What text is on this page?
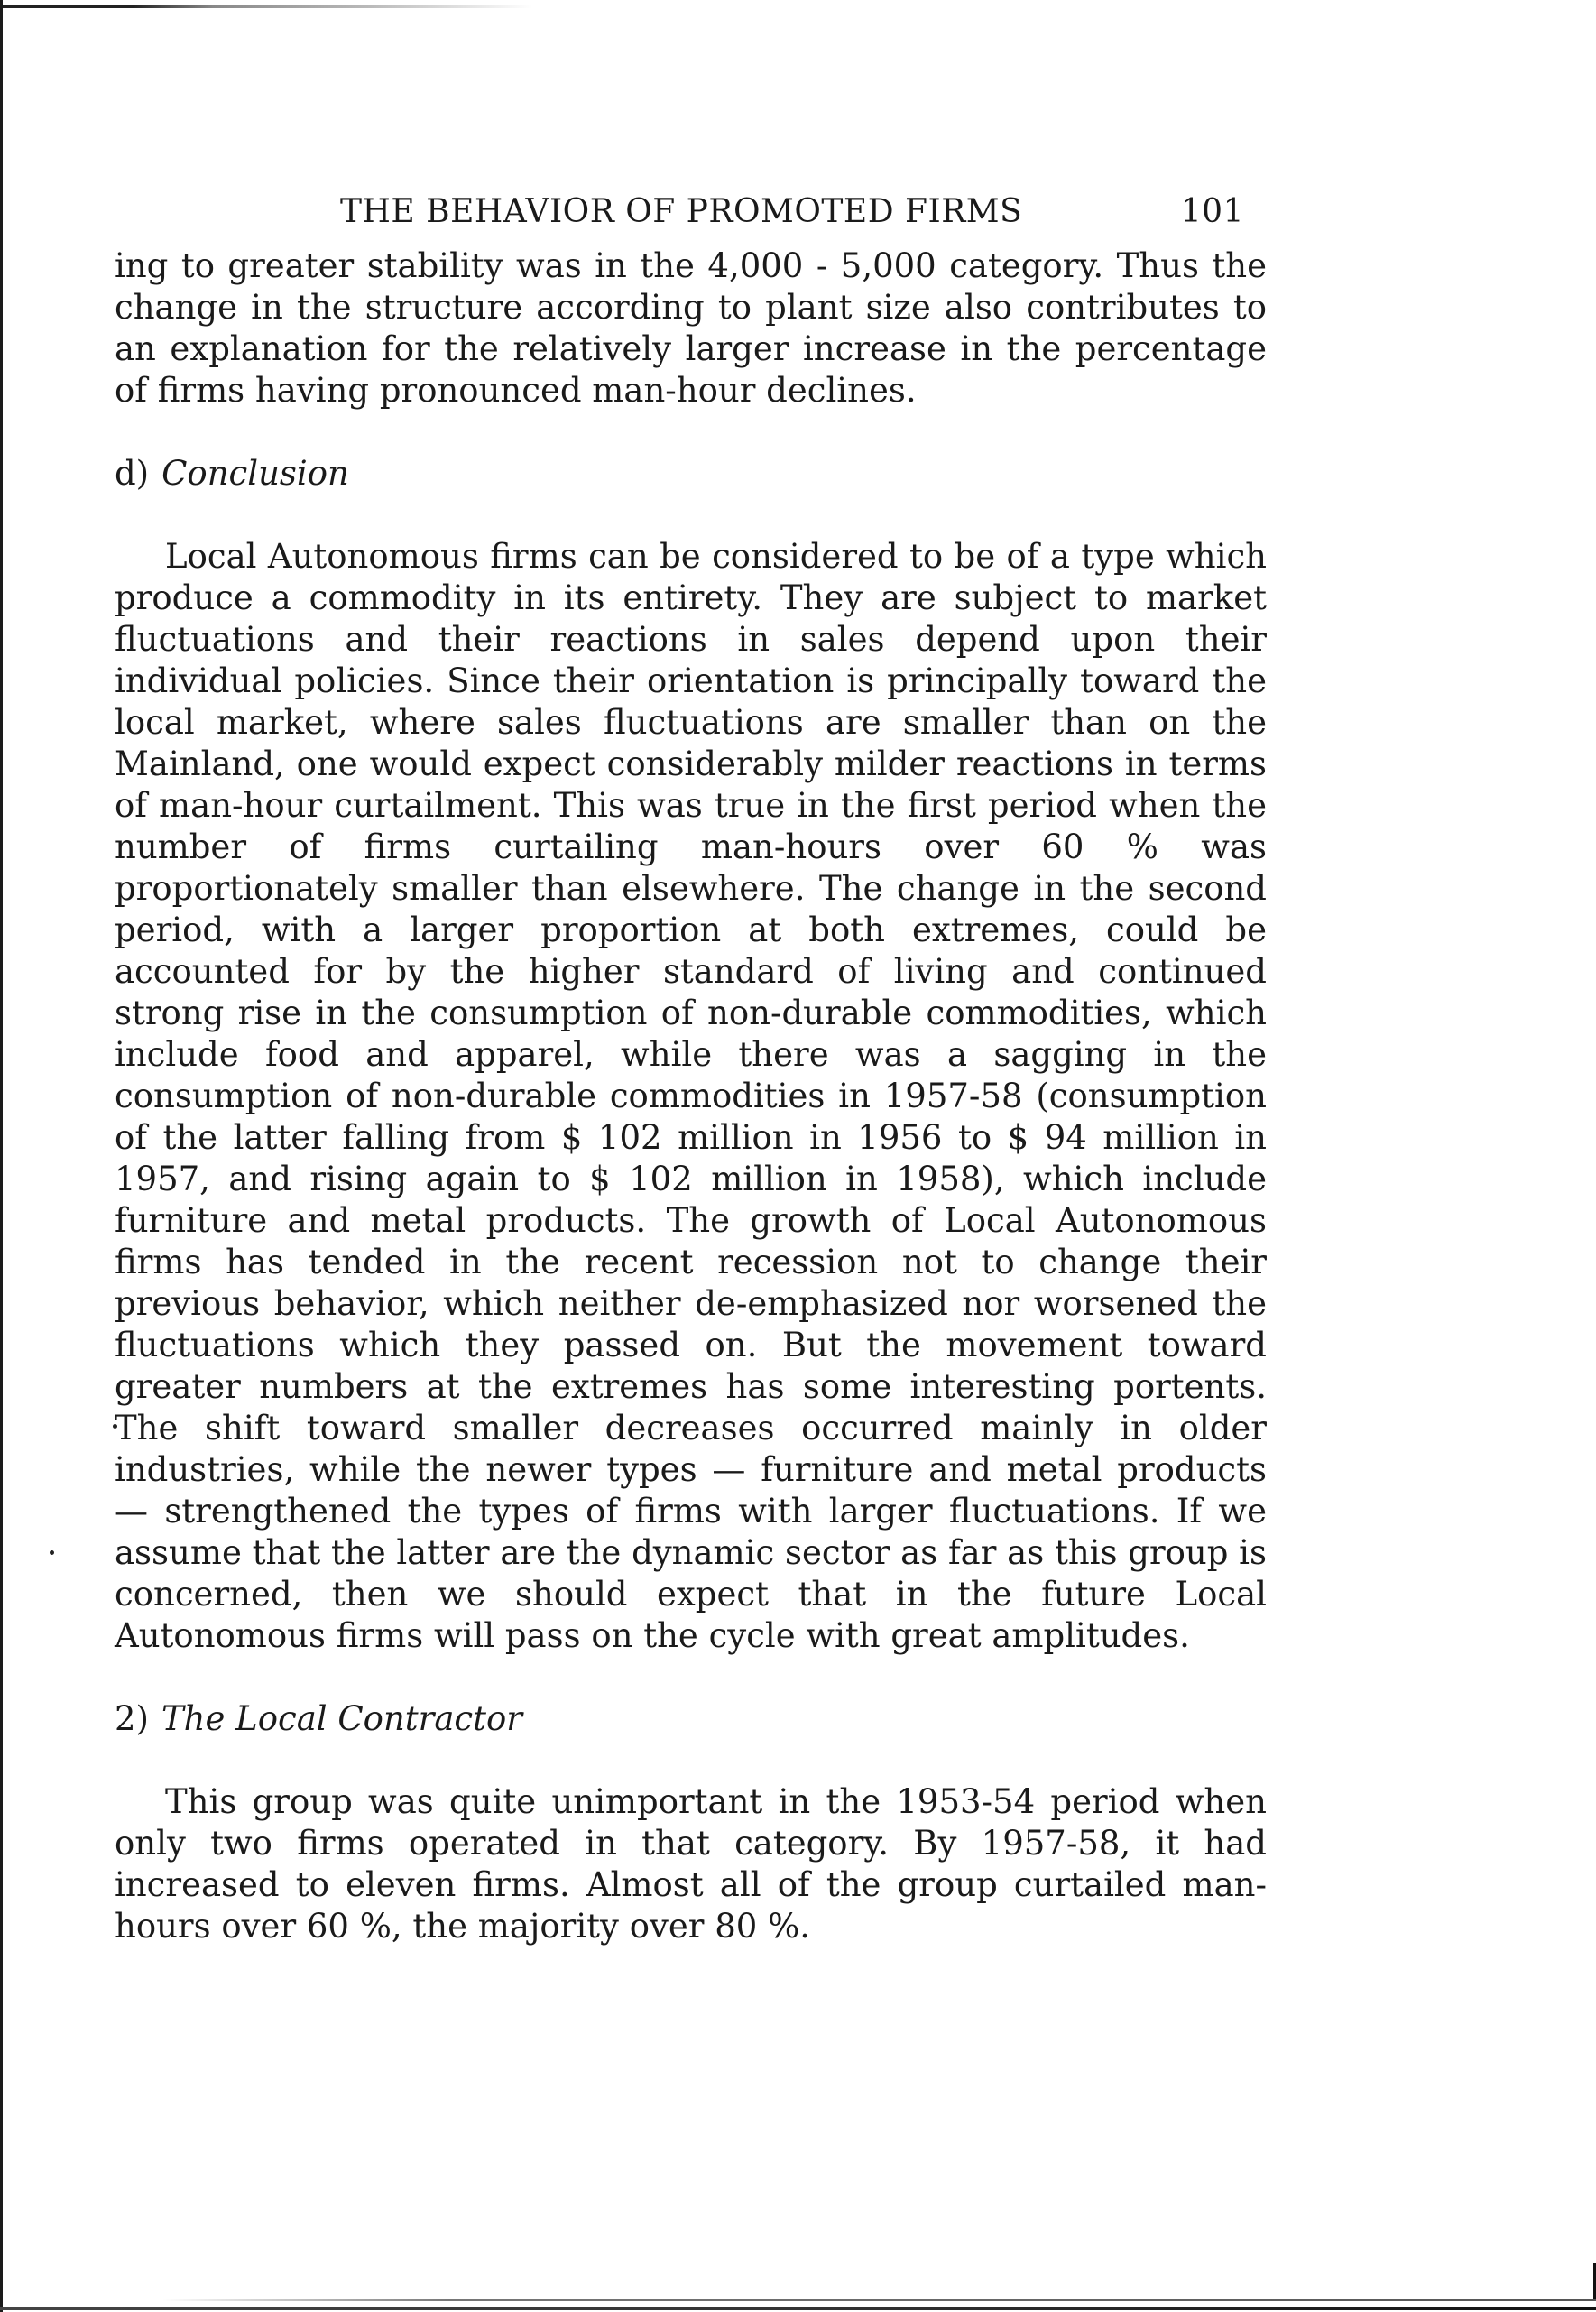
THE BEHAVIOR OF PROMOTED FIRMS	101

ing to greater stability was in the 4,000 - 5,000 category. Thus the change in the structure according to plant size also contributes to an explanation for the relatively larger increase in the percentage of firms having pronounced man-hour declines.

d) Conclusion

Local Autonomous firms can be considered to be of a type which produce a commodity in its entirety. They are subject to market fluctuations and their reactions in sales depend upon their individual policies. Since their orientation is principally toward the local market, where sales fluctuations are smaller than on the Mainland, one would expect considerably milder reactions in terms of man-hour curtailment. This was true in the first period when the number of firms curtailing man-hours over 60 % was proportionately smaller than elsewhere. The change in the second period, with a larger proportion at both extremes, could be accounted for by the higher standard of living and continued strong rise in the consumption of non-durable commodities, which include food and apparel, while there was a sagging in the consumption of non-durable commodities in 1957-58 (consumption of the latter falling from $ 102 million in 1956 to $ 94 million in 1957, and rising again to $ 102 million in 1958), which include furniture and metal products. The growth of Local Autonomous firms has tended in the recent recession not to change their previous behavior, which neither de-emphasized nor worsened the fluctuations which they passed on. But the movement toward greater numbers at the extremes has some interesting portents. The shift toward smaller decreases occurred mainly in older industries, while the newer types — furniture and metal products — strengthened the types of firms with larger fluctuations. If we assume that the latter are the dynamic sector as far as this group is concerned, then we should expect that in the future Local Autonomous firms will pass on the cycle with great amplitudes.

2) The Local Contractor

This group was quite unimportant in the 1953-54 period when only two firms operated in that category. By 1957-58, it had increased to eleven firms. Almost all of the group curtailed man-hours over 60 %, the majority over 80 %.
